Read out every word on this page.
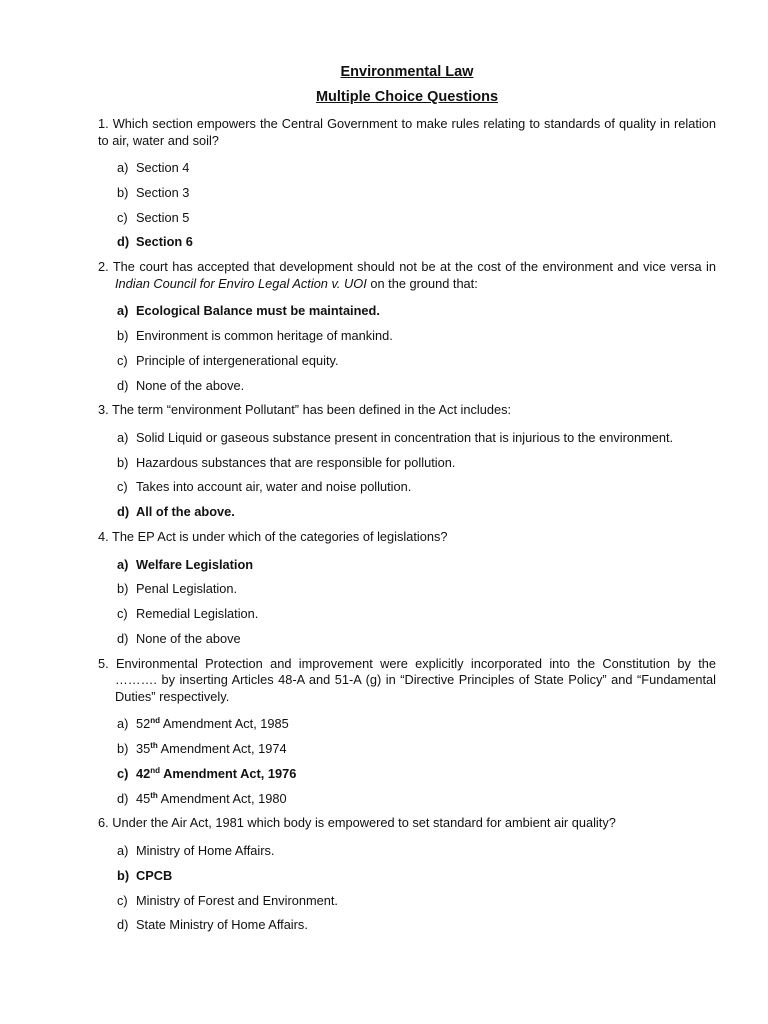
Environmental Law

Multiple Choice Questions

1. Which section empowers the Central Government to make rules relating to standards of quality in relation to air, water and soil?

a) Section 4
b) Section 3
c) Section 5
d) Section 6

2. The court has accepted that development should not be at the cost of the environment and vice versa in Indian Council for Enviro Legal Action v. UOI on the ground that:

a) Ecological Balance must be maintained.
b) Environment is common heritage of mankind.
c) Principle of intergenerational equity.
d) None of the above.

3. The term “environment Pollutant” has been defined in the Act includes:

a) Solid Liquid or gaseous substance present in concentration that is injurious to the environment.
b) Hazardous substances that are responsible for pollution.
c) Takes into account air, water and noise pollution.
d) All of the above.

4. The EP Act is under which of the categories of legislations?

a) Welfare Legislation
b) Penal Legislation.
c) Remedial Legislation.
d) None of the above

5. Environmental Protection and improvement were explicitly incorporated into the Constitution by the ………. by inserting Articles 48-A and 51-A (g) in “Directive Principles of State Policy” and “Fundamental Duties” respectively.

a) 52nd Amendment Act, 1985
b) 35th Amendment Act, 1974
c) 42nd Amendment Act, 1976
d) 45th Amendment Act, 1980

6. Under the Air Act, 1981 which body is empowered to set standard for ambient air quality?

a) Ministry of Home Affairs.
b) CPCB
c) Ministry of Forest and Environment.
d) State Ministry of Home Affairs.
